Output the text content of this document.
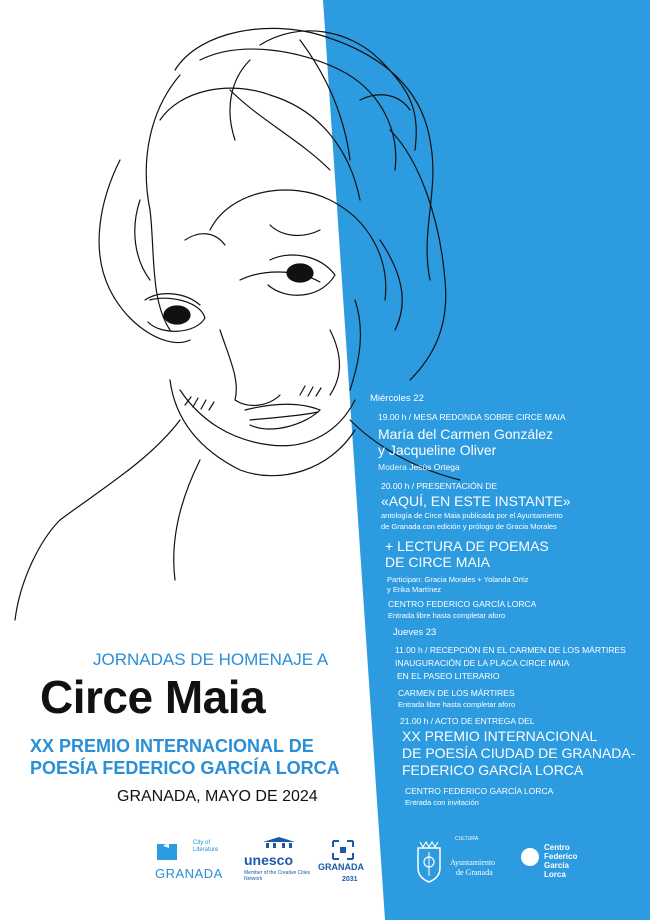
JORNADAS DE HOMENAJE A
Circe Maia
XX PREMIO INTERNACIONAL DE
POESÍA FEDERICO GARCÍA LORCA
GRANADA, MAYO DE 2024
Miércoles 22
19.00 h / MESA REDONDA SOBRE CIRCE MAIA
María del Carmen González
y Jacqueline Oliver
Modera Jesús Ortega
20.00 h / PRESENTACIÓN DE
«AQUÍ, EN ESTE INSTANTE»
antología de Circe Maia publicada por el Ayuntamiento
de Granada con edición y prólogo de Gracia Morales
+ LECTURA DE POEMAS
DE CIRCE MAIA
Participan: Gracia Morales + Yolanda Ortiz
y Erika Martínez
CENTRO FEDERICO GARCÍA LORCA
Entrada libre hasta completar aforo
Jueves 23
11.00 h / RECEPCIÓN EN EL CARMEN DE LOS MÁRTIRES
INAUGURACIÓN DE LA PLACA CIRCE MAIA
EN EL PASEO LITERARIO
CARMEN DE LOS MÁRTIRES
Entrada libre hasta completar aforo
21.00 h / ACTO DE ENTREGA DEL
XX PREMIO INTERNACIONAL
DE POESÍA CIUDAD DE GRANADA-
FEDERICO GARCÍA LORCA
CENTRO FEDERICO GARCÍA LORCA
Entrada con invitación
City of Literature
GRANADA
unesco
Member of the Creative Cities Network
GRANADA
2031
CULTURA
Ayuntamiento
de Granada
Centro
Federico
García
Lorca
